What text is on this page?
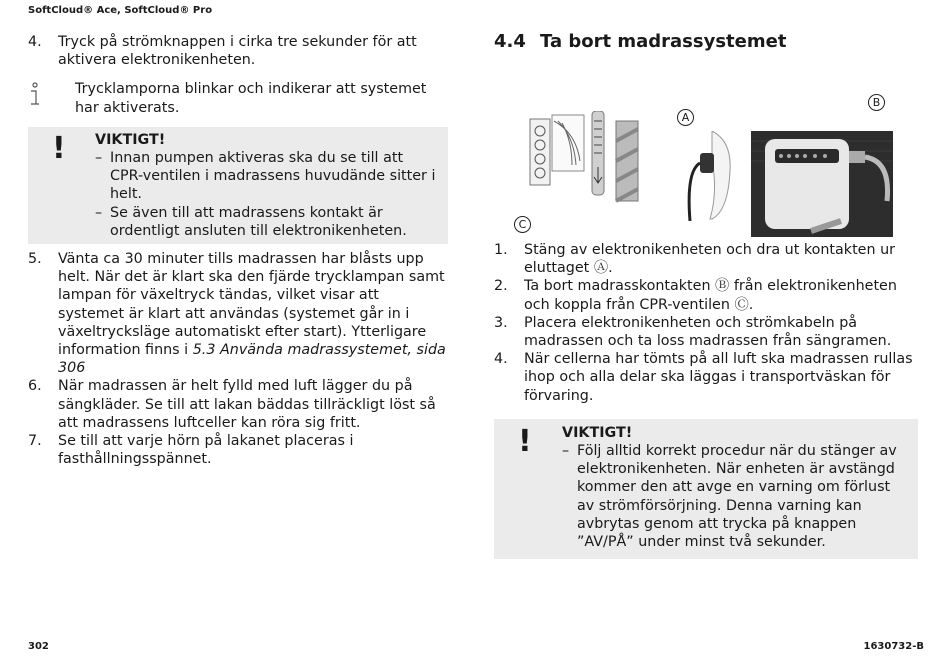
SoftCloud® Ace, SoftCloud® Pro
4.	Tryck på strömknappen i cirka tre sekunder för att aktivera elektronikenheten.
Trycklamporna blinkar och indikerar att systemet har aktiverats.
!	VIKTIGT!
– Innan pumpen aktiveras ska du se till att CPR-ventilen i madrassens huvudände sitter i helt.
– Se även till att madrassens kontakt är ordentligt ansluten till elektronikenheten.
5.	Vänta ca 30 minuter tills madrassen har blåsts upp helt. När det är klart ska den fjärde trycklampan samt lampan för växeltryck tändas, vilket visar att systemet är klart att användas (systemet går in i växeltrycksläge automatiskt efter start). Ytterligare information finns i 5.3 Använda madrassystemet, sida 306
6.	När madrassen är helt fylld med luft lägger du på sängkläder. Se till att lakan bäddas tillräckligt löst så att madrassens luftceller kan röra sig fritt.
7.	Se till att varje hörn på lakanet placeras i fasthållningsspännet.
4.4 Ta bort madrassystemet
C
A
B
1.	Stäng av elektronikenheten och dra ut kontakten ur eluttaget Ⓐ.
2.	Ta bort madrasskontakten Ⓑ från elektronikenheten och koppla från CPR-ventilen Ⓒ.
3.	Placera elektronikenheten och strömkabeln på madrassen och ta loss madrassen från sängramen.
4.	När cellerna har tömts på all luft ska madrassen rullas ihop och alla delar ska läggas i transportväskan för förvaring.
!	VIKTIGT!
– Följ alltid korrekt procedur när du stänger av elektronikenheten. När enheten är avstängd kommer den att avge en varning om förlust av strömförsörjning. Denna varning kan avbrytas genom att trycka på knappen ”AV/PÅ” under minst två sekunder.
302	1630732-B
